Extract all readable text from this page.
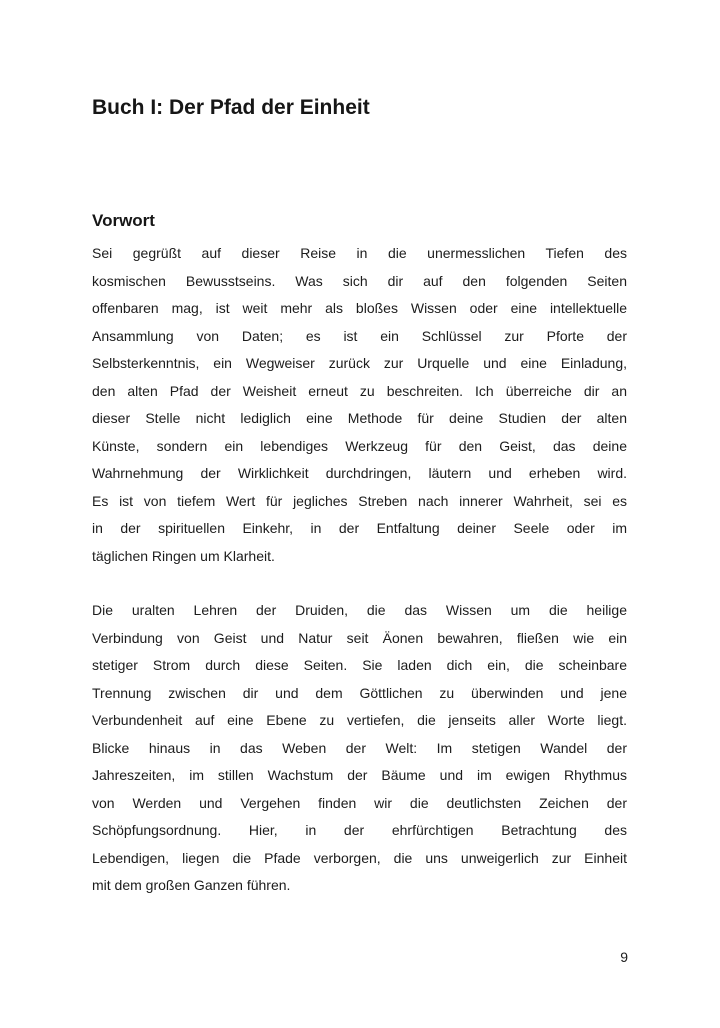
Buch I: Der Pfad der Einheit
Vorwort
Sei gegrüßt auf dieser Reise in die unermesslichen Tiefen des
kosmischen Bewusstseins. Was sich dir auf den folgenden Seiten
offenbaren mag, ist weit mehr als bloßes Wissen oder eine intellektuelle
Ansammlung von Daten; es ist ein Schlüssel zur Pforte der
Selbsterkenntnis, ein Wegweiser zurück zur Urquelle und eine Einladung,
den alten Pfad der Weisheit erneut zu beschreiten. Ich überreiche dir an
dieser Stelle nicht lediglich eine Methode für deine Studien der alten
Künste, sondern ein lebendiges Werkzeug für den Geist, das deine
Wahrnehmung der Wirklichkeit durchdringen, läutern und erheben wird.
Es ist von tiefem Wert für jegliches Streben nach innerer Wahrheit, sei es
in der spirituellen Einkehr, in der Entfaltung deiner Seele oder im
täglichen Ringen um Klarheit.
Die uralten Lehren der Druiden, die das Wissen um die heilige
Verbindung von Geist und Natur seit Äonen bewahren, fließen wie ein
stetiger Strom durch diese Seiten. Sie laden dich ein, die scheinbare
Trennung zwischen dir und dem Göttlichen zu überwinden und jene
Verbundenheit auf eine Ebene zu vertiefen, die jenseits aller Worte liegt.
Blicke hinaus in das Weben der Welt: Im stetigen Wandel der
Jahreszeiten, im stillen Wachstum der Bäume und im ewigen Rhythmus
von Werden und Vergehen finden wir die deutlichsten Zeichen der
Schöpfungsordnung. Hier, in der ehrfürchtigen Betrachtung des
Lebendigen, liegen die Pfade verborgen, die uns unweigerlich zur Einheit
mit dem großen Ganzen führen.
9
